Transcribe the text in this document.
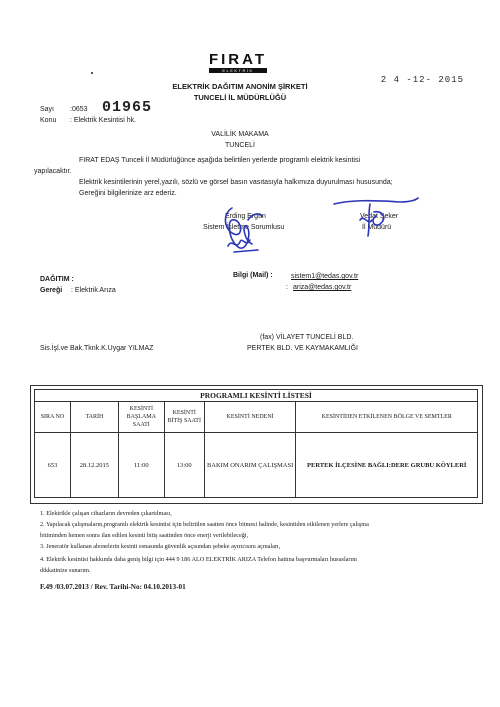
FIRAT
ELEKTRİK
ELEKTRİK DAĞITIM ANONİM ŞİRKETİ
TUNCELİ İL MÜDÜRLÜĞÜ
2 4 -12- 2015
Sayı :0653 01965
Konu : Elektrik Kesintisi hk.
VALİLİK MAKAMA
TUNCELİ
FIRAT EDAŞ Tunceli İl Müdürlüğünce aşağıda belirtilen yerlerde programlı elektrik kesintisi
yapılacaktır.
Elektrik kesintilerinin yerel,yazılı, sözlü ve görsel basın vasıtasıyla halkımıza duyurulması hususunda;
Gereğini bilgilerinize arz ederiz.
Erding Ergün
Sistem İşletme Sorumlusu
Vedat Şeker
İl Müdürü
DAĞITIM :
Gereği : Elektrik Arıza
Bilgi (Mail) :	sistem1@tedas.gov.tr
: ariza@tedas.gov.tr
(fax) VİLAYET TUNCELİ BLD.
PERTEK BLD. VE KAYMAKAMLIĞI
Sis.İşl.ve Bak.Tknk.K.Uygar YILMAZ
PROGRAMLI KESİNTİ LİSTESİ					
SIRA NO	TARİH	KESİNTİ BAŞLAMA SAATİ	KESİNTİ BİTİŞ SAATİ	KESİNTİ NEDENİ	KESİNTİDEN ETKİLENEN BÖLGE VE SEMTLER
653	28.12.2015	11:00	13:00	BAKIM ONARIM ÇALIŞMASI	PERTEK İLÇESİNE BAĞLI:DERE GRUBU KÖYLERİ
1. Elektrikle çalışan cihazların devreden çıkartılması,
2. Yapılacak çalışmaların,programlı elektrik kesintisi için belirtilen saatten önce bitmesi halinde, kesintiden etkilenen yerlere çalışma
bitiminden hemen sonra ilan edilen kesinti bitiş saatinden önce enerji verilebileceği,
3. Jeneratör kullanan abonelerin kesinti esnasında güvenlik açısından şebeke ayırıcısını açmaları,
4. Elektrik kesintisi hakkında daha geniş bilgi için 444 9 186 ALO ELEKTRİK ARIZA Telefon hattına başvurmaları hususlarını
dikkatinize sunarım.
F.49 /03.07.2013 / Rev. Tarihi-No: 04.10.2013-01
